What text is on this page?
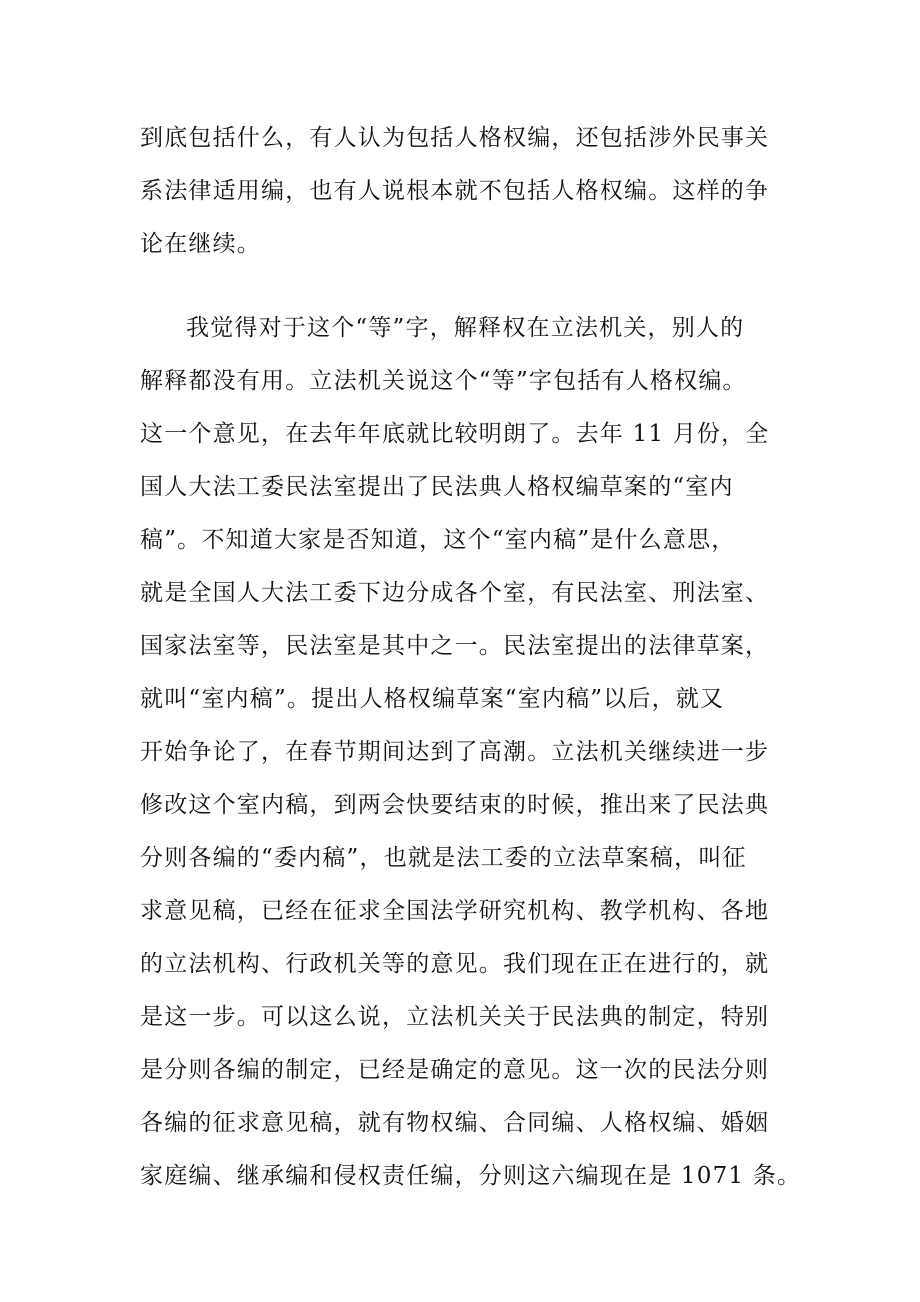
到底包括什么，有人认为包括人格权编，还包括涉外民事关
系法律适用编，也有人说根本就不包括人格权编。这样的争
论在继续。
我觉得对于这个“等”字，解释权在立法机关，别人的
解释都没有用。立法机关说这个“等”字包括有人格权编。
这一个意见，在去年年底就比较明朗了。去年 11 月份，全
国人大法工委民法室提出了民法典人格权编草案的“室内
稿”。不知道大家是否知道，这个“室内稿”是什么意思，
就是全国人大法工委下边分成各个室，有民法室、刑法室、
国家法室等，民法室是其中之一。民法室提出的法律草案，
就叫“室内稿”。提出人格权编草案“室内稿”以后，就又
开始争论了，在春节期间达到了高潮。立法机关继续进一步
修改这个室内稿，到两会快要结束的时候，推出来了民法典
分则各编的“委内稿”，也就是法工委的立法草案稿，叫征
求意见稿，已经在征求全国法学研究机构、教学机构、各地
的立法机构、行政机关等的意见。我们现在正在进行的，就
是这一步。可以这么说，立法机关关于民法典的制定，特别
是分则各编的制定，已经是确定的意见。这一次的民法分则
各编的征求意见稿，就有物权编、合同编、人格权编、婚姻
家庭编、继承编和侵权责任编，分则这六编现在是 1071 条。
